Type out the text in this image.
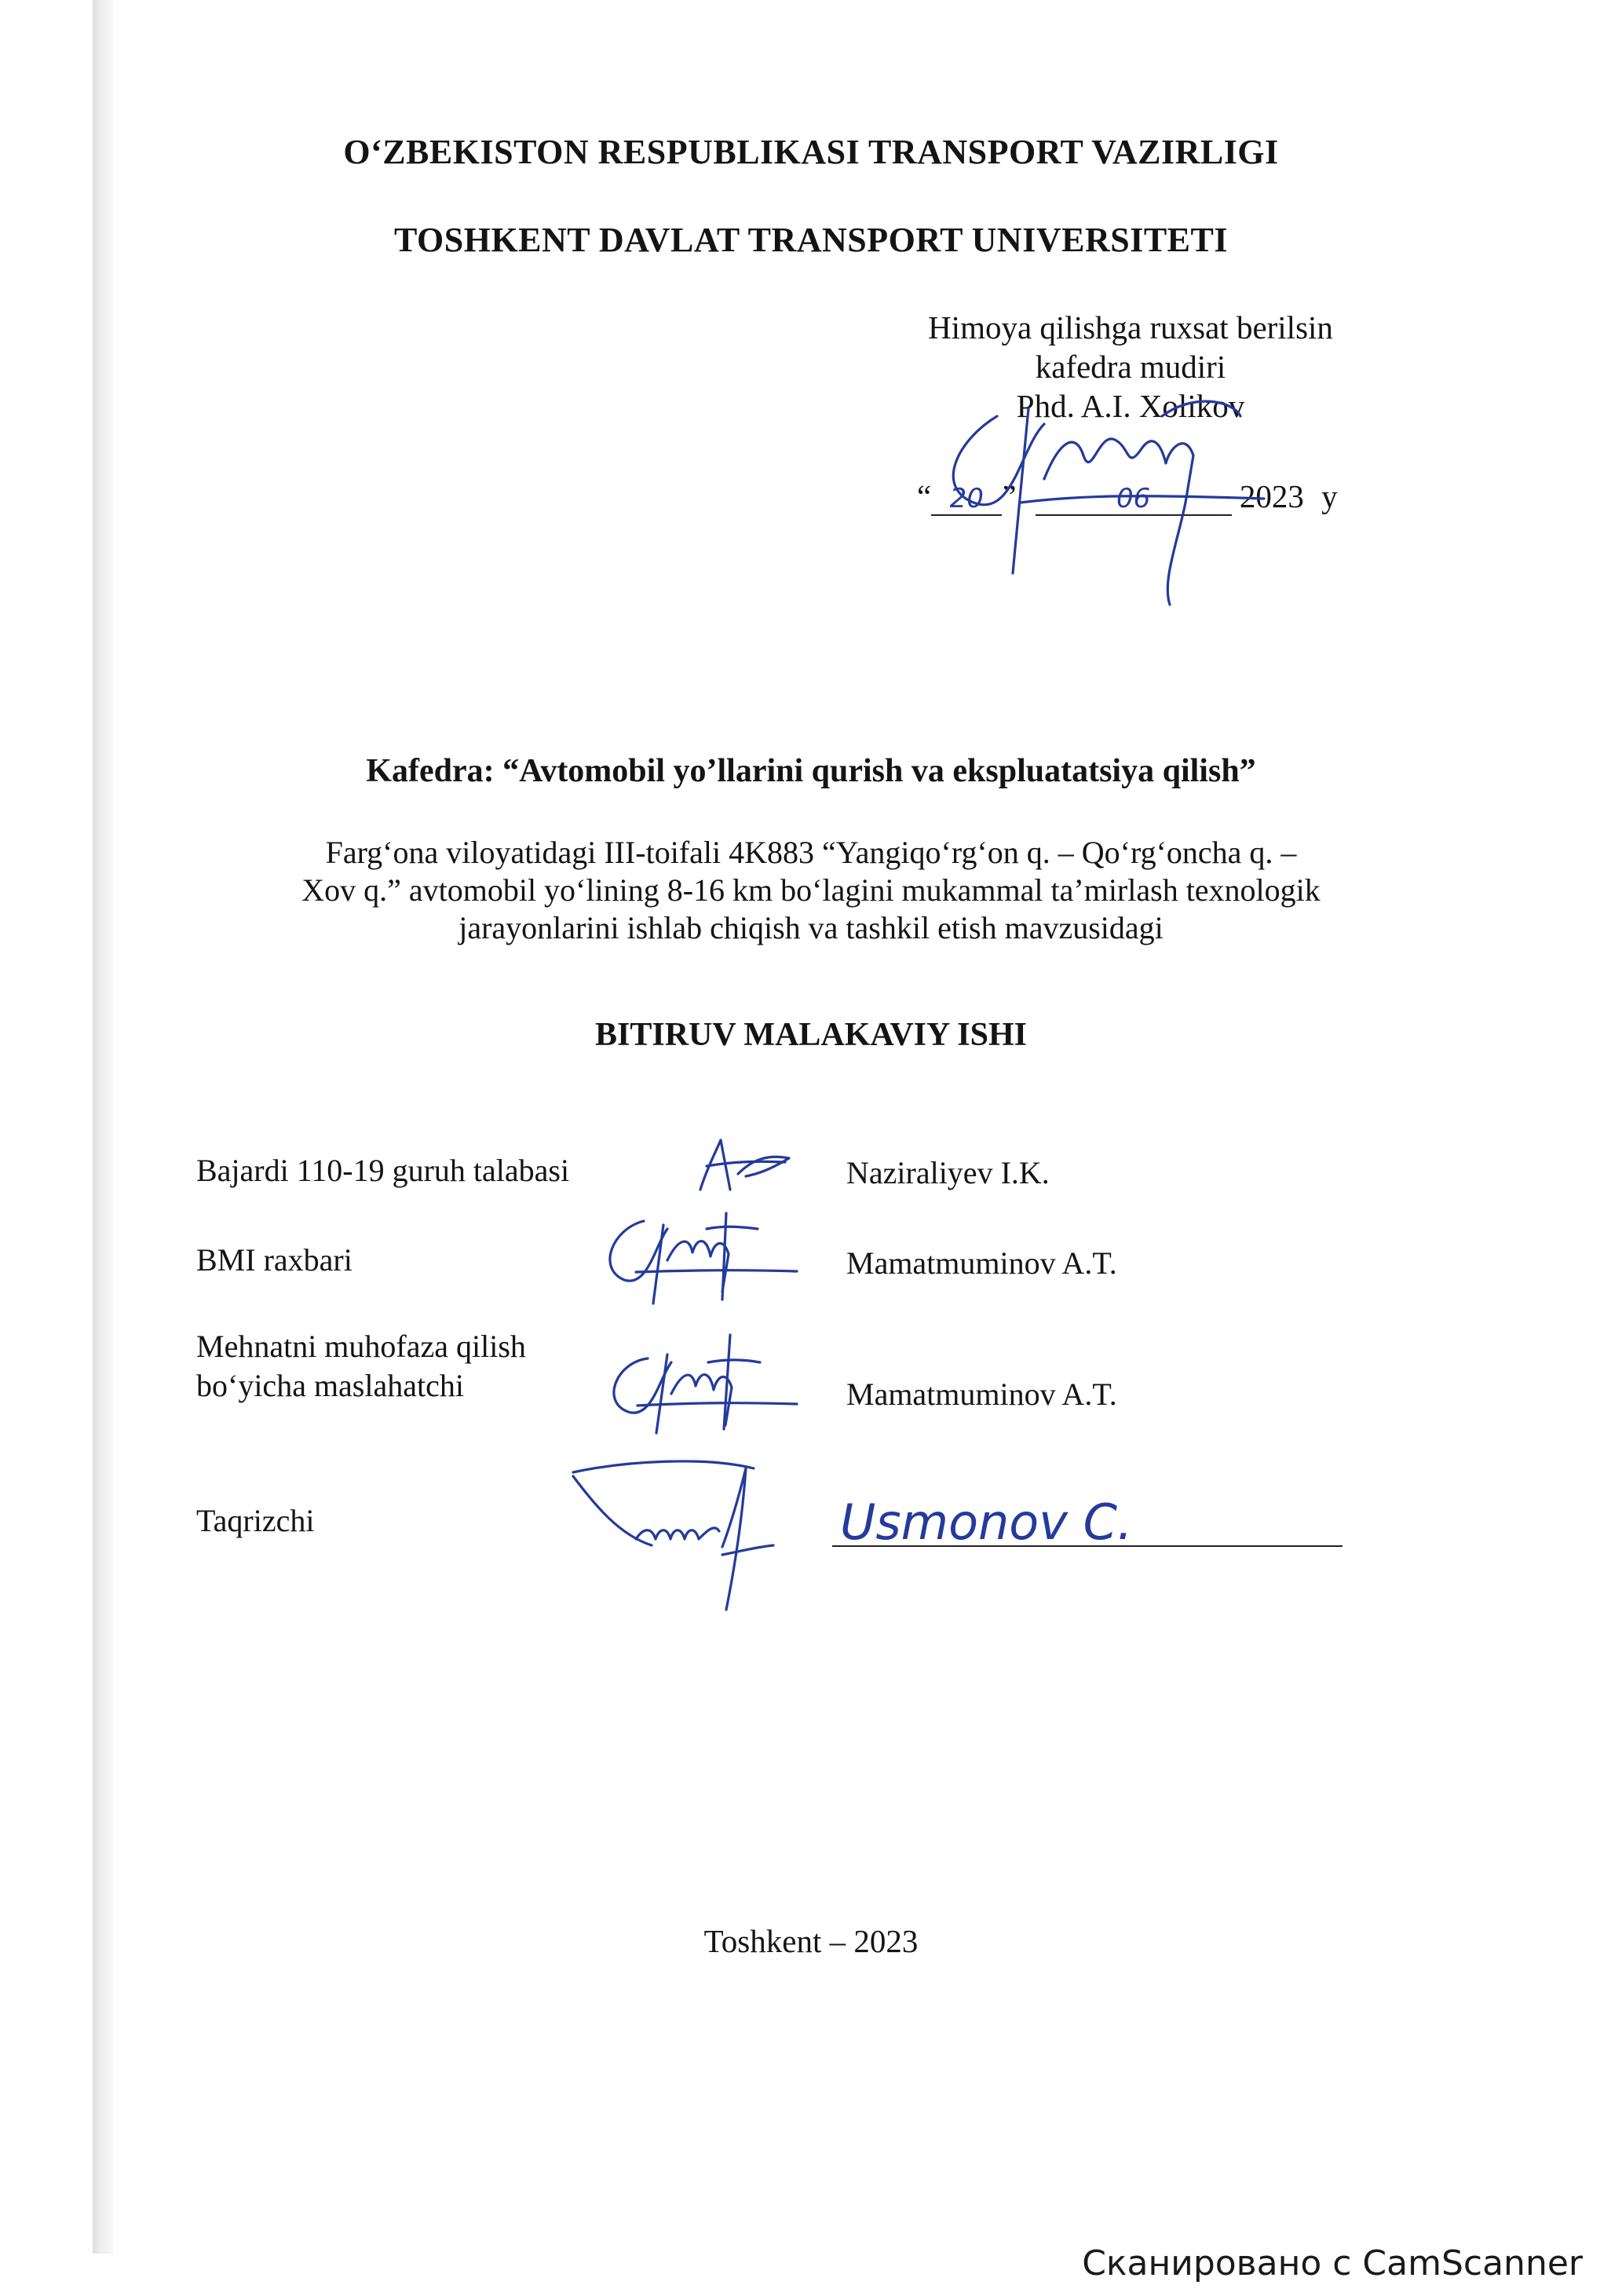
O‘ZBEKISTON RESPUBLIKASI TRANSPORT VAZIRLIGI
TOSHKENT DAVLAT TRANSPORT UNIVERSITETI
Himoya qilishga ruxsat berilsin
kafedra mudiri
Phd. A.I. Xolikov
“ 20 ”	06	2023 y
Kafedra: “Avtomobil yo’llarini qurish va ekspluatatsiya qilish”
Farg‘ona viloyatidagi III-toifali 4K883 “Yangiqo‘rg‘on q. – Qo‘rg‘oncha q. –
Xov q.” avtomobil yo‘lining 8-16 km bo‘lagini mukammal ta’mirlash texnologik
jarayonlarini ishlab chiqish va tashkil etish mavzusidagi
BITIRUV MALAKAVIY ISHI
Bajardi 110-19 guruh talabasi	Naziraliyev I.K.
BMI raxbari	Mamatmuminov A.T.
Mehnatni muhofaza qilish
bo‘yicha maslahatchi	Mamatmuminov A.T.
Taqrizchi	Usmonov C.
Toshkent – 2023
Сканировано с CamScanner
